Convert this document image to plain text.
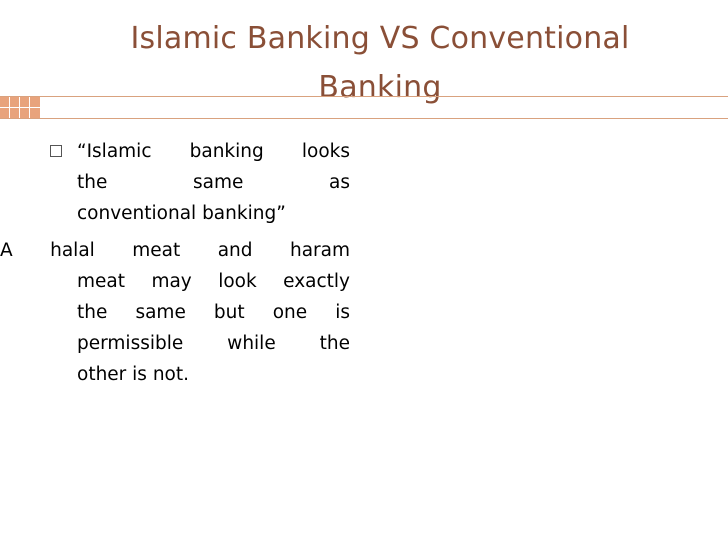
Islamic Banking VS Conventional
Banking
“Islamic banking looks
the same as
conventional banking”
A halal meat and haram
meat may look exactly
the same but one is
permissible while the
other is not.
